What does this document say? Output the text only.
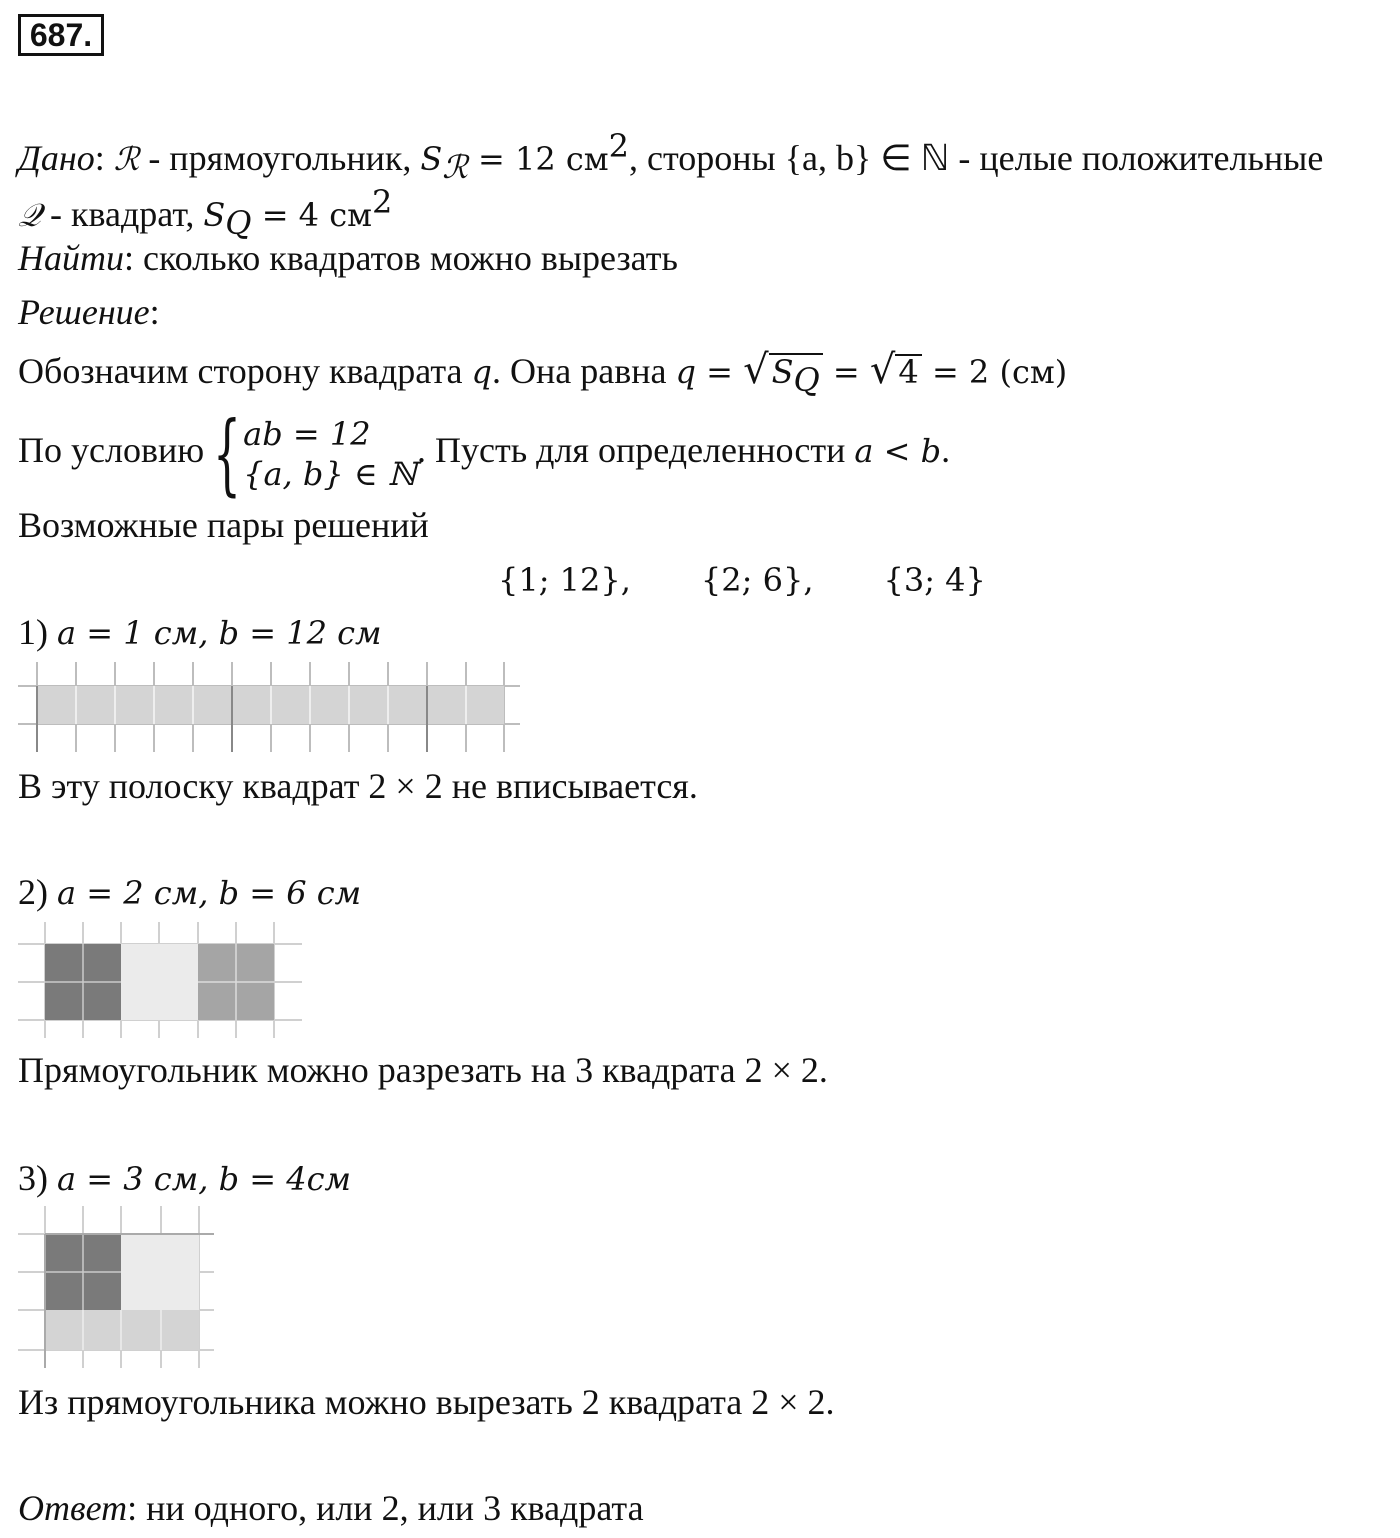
687.
Дано: ℛ - прямоугольник, $S_ℛ = 12$ $см^2$, стороны {a, b} ∈ ℕ - целые положительные
𝒬 - квадрат, $S_Q = 4$ $см^2$
Найти: сколько квадратов можно вырезать
Решение:
Обозначим сторону квадрата q. Она равна $q = √S_Q = √4 = 2$ (см)
По условию { ab = 12
{a, b} ∈ ℕ
. Пусть для определенности a < b.
Возможные пары решений
{1; 12}, {2; 6}, {3; 4}
1) a = 1 см, b = 12 см
В эту полоску квадрат 2 × 2 не вписывается.
2) a = 2 см, b = 6 см
Прямоугольник можно разрезать на 3 квадрата 2 × 2.
3) a = 3 см, b = 4см
Из прямоугольника можно вырезать 2 квадрата 2 × 2.
Ответ: ни одного, или 2, или 3 квадрата
